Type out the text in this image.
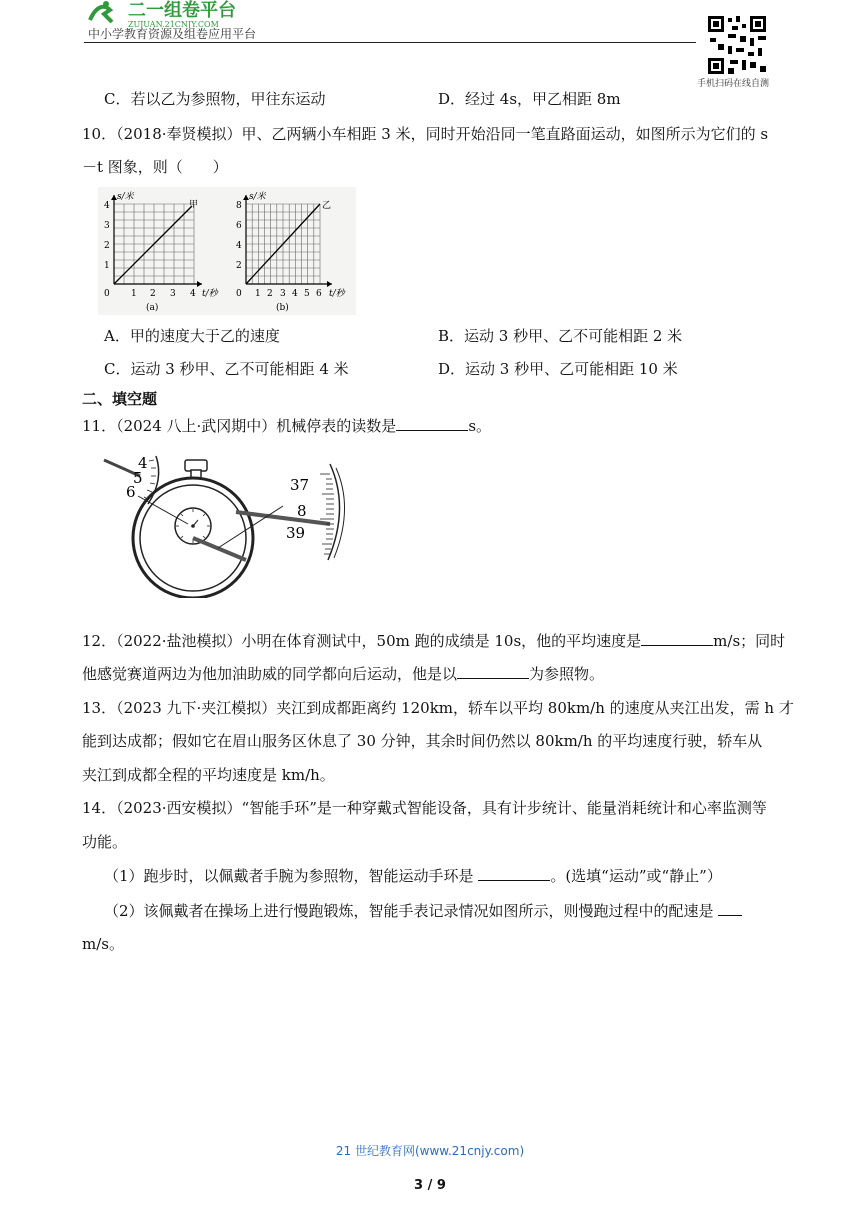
二一组卷平台
ZUJUAN.21CNJY.COM
中小学教育资源及组卷应用平台
手机扫码在线自测
C．若以乙为参照物，甲往东运动	D．经过 4s，甲乙相距 8m
10．（2018·奉贤模拟）甲、乙两辆小车相距 3 米，同时开始沿同一笔直路面运动，如图所示为它们的 s
－t 图象，则（　　）
s/米
甲
4
3
2
1
0 1 2 3 4 t/秒
(a)
s/米
乙
8
6
4
2
0 1 2 3 4 5 6 t/秒
(b)
A．甲的速度大于乙的速度	B．运动 3 秒甲、乙不可能相距 2 米
C．运动 3 秒甲、乙不可能相距 4 米	D．运动 3 秒甲、乙可能相距 10 米
二、填空题
11．（2024 八上·武冈期中）机械停表的读数是	s。
4
5
6	37
8
39
12．（2022·盐池模拟）小明在体育测试中，50m 跑的成绩是 10s，他的平均速度是	m/s；同时
他感觉赛道两边为他加油助威的同学都向后运动，他是以	为参照物。
13．（2023 九下·夹江模拟）夹江到成都距离约 120km，轿车以平均 80km/h 的速度从夹江出发，需 h 才
能到达成都；假如它在眉山服务区休息了 30 分钟，其余时间仍然以 80km/h 的平均速度行驶，轿车从
夹江到成都全程的平均速度是 km/h。
14．（2023·西安模拟）“智能手环”是一种穿戴式智能设备，具有计步统计、能量消耗统计和心率监测等
功能。
（1）跑步时，以佩戴者手腕为参照物，智能运动手环是	。(选填“运动”或“静止”）
（2）该佩戴者在操场上进行慢跑锻炼，智能手表记录情况如图所示，则慢跑过程中的配速是
m/s。
21 世纪教育网(www.21cnjy.com)
3 / 9
